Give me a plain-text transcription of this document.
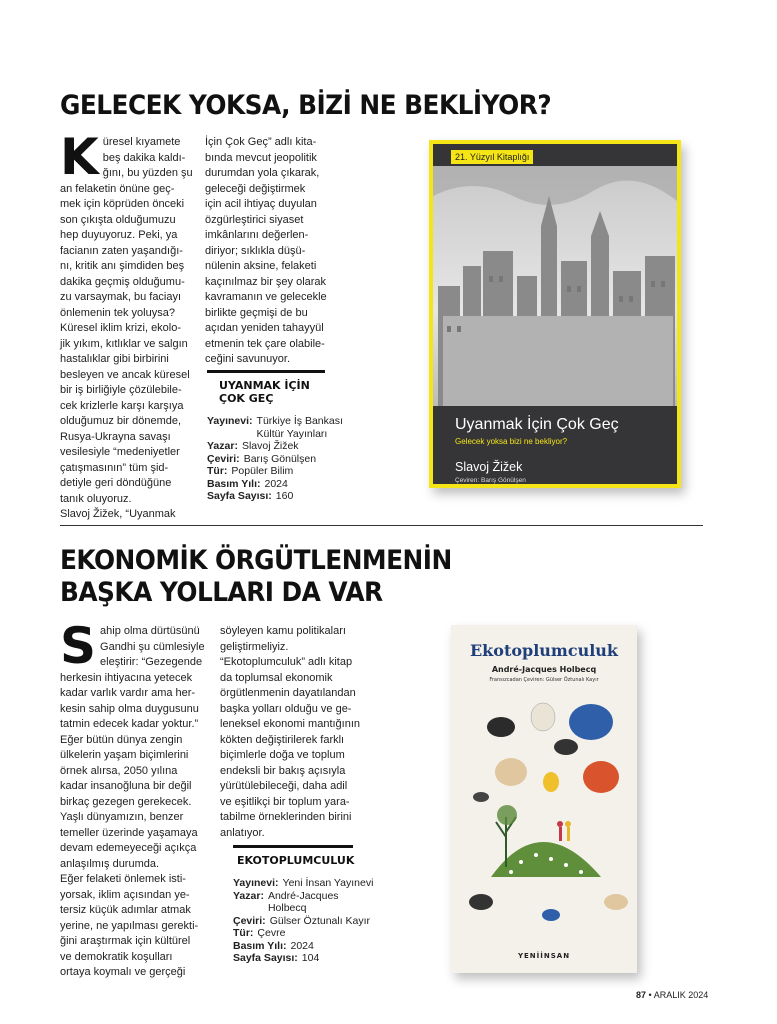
GELECEK YOKSA, BİZİ NE BEKLİYOR?
K üresel kıyamete
beş dakika kaldı-
ğını, bu yüzden şu
an felaketin önüne geç-
mek için köprüden önceki
son çıkışta olduğumuzu
hep duyuyoruz. Peki, ya
facianın zaten yaşandığı-
nı, kritik anı şimdiden beş
dakika geçmiş olduğumu-
zu varsaymak, bu faciayı
önlemenin tek yoluysa?
Küresel iklim krizi, ekolo-
jik yıkım, kıtlıklar ve salgın
hastalıklar gibi birbirini
besleyen ve ancak küresel
bir iş birliğiyle çözülebile-
cek krizlerle karşı karşıya
olduğumuz bir dönemde,
Rusya-Ukrayna savaşı
vesilesiyle “medeniyetler
çatışmasının” tüm şid-
detiyle geri döndüğüne
tanık oluyoruz.
Slavoj Žižek, “Uyanmak

İçin Çok Geç” adlı kita-
bında mevcut jeopolitik
durumdan yola çıkarak,
geleceği değiştirmek
için acil ihtiyaç duyulan
özgürleştirici siyaset
imkânlarını değerlen-
diriyor; sıklıkla düşü-
nülenin aksine, felaketi
kaçınılmaz bir şey olarak
kavramanın ve gelecekle
birlikte geçmişi de bu
açıdan yeniden tahayyül
etmenin tek çare olabile-
ceğini savunuyor.

UYANMAK İÇİN
ÇOK GEÇ
Yayınevi: Türkiye İş Bankası
Kültür Yayınları
Yazar: Slavoj Žižek
Çeviri: Barış Gönülşen
Tür: Popüler Bilim
Basım Yılı: 2024
Sayfa Sayısı: 160
21. Yüzyıl Kitaplığı
Uyanmak İçin Çok Geç
Gelecek yoksa bizi ne bekliyor?
Slavoj Žižek
Çeviren: Barış Gönülşen
EKONOMİK ÖRGÜTLENMENİN
BAŞKA YOLLARI DA VAR
S ahip olma dürtüsünü
Gandhi şu cümlesiyle
eleştirir: “Gezegende
herkesin ihtiyacına yetecek
kadar varlık vardır ama her-
kesin sahip olma duygusunu
tatmin edecek kadar yoktur.”
Eğer bütün dünya zengin
ülkelerin yaşam biçimlerini
örnek alırsa, 2050 yılına
kadar insanoğluna bir değil
birkaç gezegen gerekecek.
Yaşlı dünyamızın, benzer
temeller üzerinde yaşamaya
devam edemeyeceği açıkça
anlaşılmış durumda.
Eğer felaketi önlemek isti-
yorsak, iklim açısından ye-
tersiz küçük adımlar atmak
yerine, ne yapılması gerekti-
ğini araştırmak için kültürel
ve demokratik koşulları
ortaya koymalı ve gerçeği

söyleyen kamu politikaları
geliştirmeliyiz.
“Ekotoplumculuk” adlı kitap
da toplumsal ekonomik
örgütlenmenin dayatılandan
başka yolları olduğu ve ge-
leneksel ekonomi mantığının
kökten değiştirilerek farklı
biçimlerle doğa ve toplum
endeksli bir bakış açısıyla
yürütülebileceği, daha adil
ve eşitlikçi bir toplum yara-
tabilme örneklerinden birini
anlatıyor.

EKOTOPLUMCULUK
Yayınevi: Yeni İnsan Yayınevi
Yazar: André-Jacques
Holbecq
Çeviri: Gülser Öztunalı Kayır
Tür: Çevre
Basım Yılı: 2024
Sayfa Sayısı: 104
Ekotoplumculuk
André-Jacques Holbecq
Fransızcadan Çeviren: Gülser Öztunalı Kayır
YENİİNSAN
87 • ARALIK 2024
